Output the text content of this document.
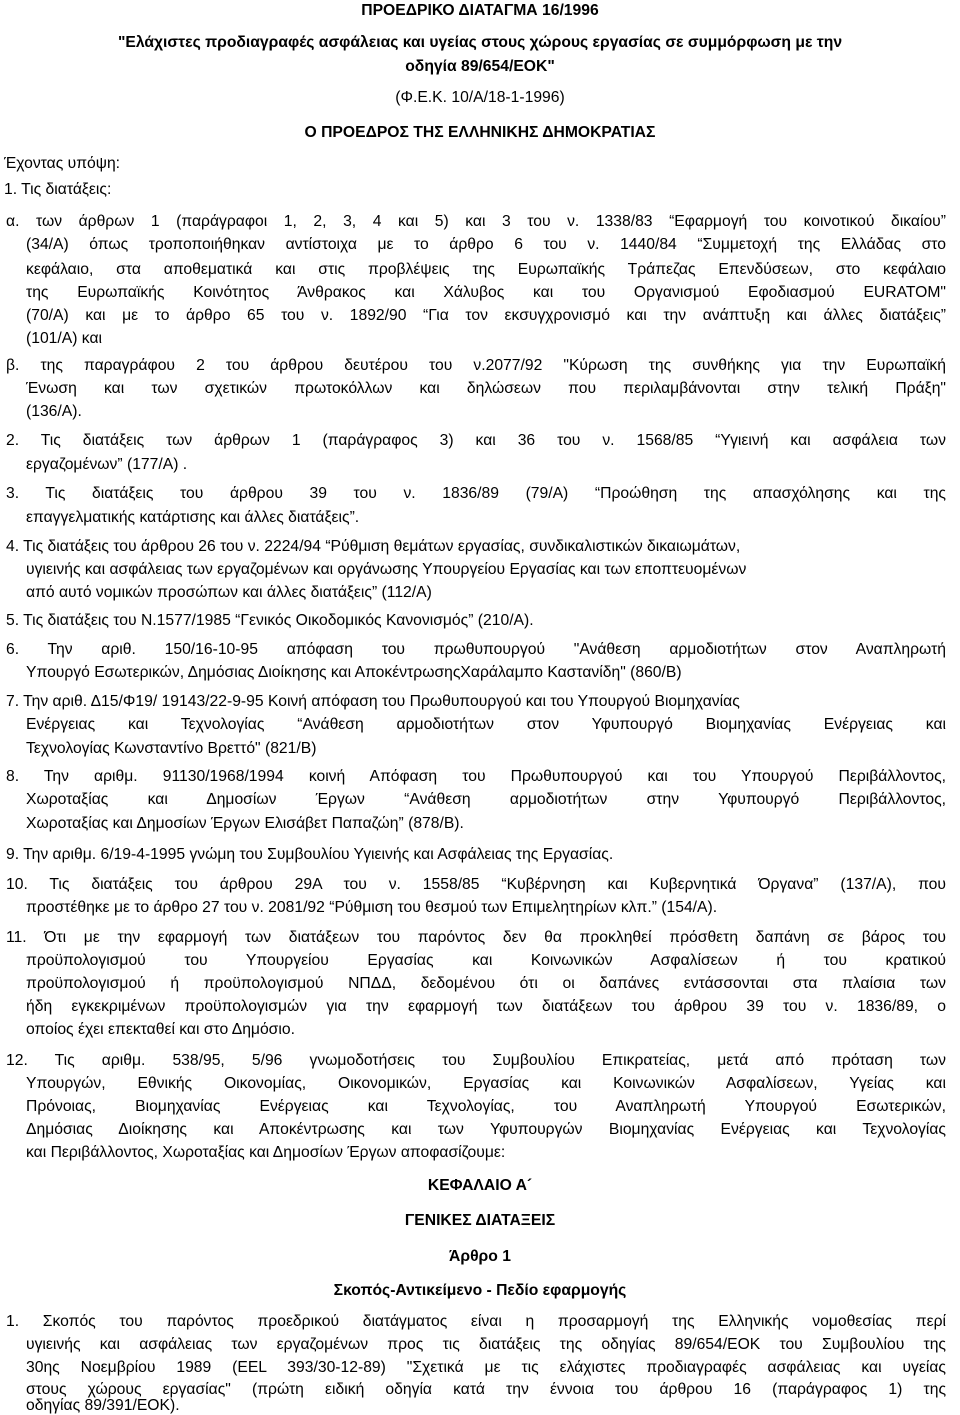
ΠΡΟΕΔΡΙΚΟ ΔΙΑΤΑΓΜΑ 16/1996
"Ελάχιστες προδιαγραφές ασφάλειας και υγείας στους χώρους εργασίας σε συμμόρφωση με την
οδηγία 89/654/ΕΟΚ"
(Φ.Ε.Κ. 10/Α/18-1-1996)
Ο ΠΡΟΕΔΡΟΣ ΤΗΣ ΕΛΛΗΝΙΚΗΣ ΔΗΜΟΚΡΑΤΙΑΣ
Έχοντας υπόψη:
1. Τις διατάξεις:
α. των άρθρων 1 (παράγραφοι 1, 2, 3, 4 και 5) και 3 του ν. 1338/83 “Εφαρμογή του κοινοτικού δικαίου”
(34/Α) όπως τροποποιήθηκαν αντίστοιχα με το άρθρο 6 του ν. 1440/84 “Συμμετοχή της Ελλάδας στο
κεφάλαιο, στα αποθεματικά και στις προβλέψεις της Ευρωπαϊκής Τράπεζας Επενδύσεων, στο κεφάλαιο
της Ευρωπαϊκής Κοινότητος Άνθρακος και Χάλυβος και του Οργανισμού Εφοδιασμού EURATOM"
(70/Α) και με το άρθρο 65 του ν. 1892/90 “Για τον εκσυγχρονισμό και την ανάπτυξη και άλλες διατάξεις”
(101/Α) και
β. της παραγράφου 2 του άρθρου δευτέρου του ν.2077/92 "Κύρωση της συνθήκης για την Ευρωπαϊκή
Ένωση και των σχετικών πρωτοκόλλων και δηλώσεων που περιλαμβάνονται στην τελική Πράξη"
(136/Α).
2. Τις διατάξεις των άρθρων 1 (παράγραφος 3) και 36 του ν. 1568/85 “Υγιεινή και ασφάλεια των
εργαζομένων” (177/Α) .
3. Τις διατάξεις του άρθρου 39 του ν. 1836/89 (79/Α) “Προώθηση της απασχόλησης και της
επαγγελματικής κατάρτισης και άλλες διατάξεις”.
4. Τις διατάξεις του άρθρου 26 του ν. 2224/94 “Ρύθμιση θεμάτων εργασίας, συνδικαλιστικών δικαιωμάτων,
υγιεινής και ασφάλειας των εργαζομένων και οργάνωσης Υπουργείου Εργασίας και των εποπτευομένων
από αυτό νομικών προσώπων και άλλες διατάξεις” (112/Α)
5. Τις διατάξεις του Ν.1577/1985 “Γενικός Οικοδομικός Κανονισμός” (210/Α).
6. Την αριθ. 150/16-10-95 απόφαση του πρωθυπουργού "Ανάθεση αρμοδιοτήτων στον Αναπληρωτή
Υπουργό Εσωτερικών, Δημόσιας Διοίκησης και ΑποκέντρωσηςΧαράλαμπο Καστανίδη" (860/Β)
7. Την αριθ. Δ15/Φ19/ 19143/22-9-95 Κοινή απόφαση του Πρωθυπουργού και του Υπουργού Βιομηχανίας
Ενέργειας και Τεχνολογίας “Ανάθεση αρμοδιοτήτων στον Υφυπουργό Βιομηχανίας Ενέργειας και
Τεχνολογίας Κωνσταντίνο Βρεττό" (821/Β)
8. Την αριθμ. 91130/1968/1994 κοινή Απόφαση του Πρωθυπουργού και του Υπουργού Περιβάλλοντος,
Χωροταξίας και Δημοσίων Έργων “Ανάθεση αρμοδιοτήτων στην Υφυπουργό Περιβάλλοντος,
Χωροταξίας και Δημοσίων Έργων Ελισάβετ Παπαζώη” (878/Β).
9. Την αριθμ. 6/19-4-1995 γνώμη του Συμβουλίου Υγιεινής και Ασφάλειας της Εργασίας.
10. Τις διατάξεις του άρθρου 29Α του ν. 1558/85 “Κυβέρνηση και Κυβερνητικά Όργανα” (137/Α), που
προστέθηκε με το άρθρο 27 του ν. 2081/92 “Ρύθμιση του θεσμού των Επιμελητηρίων κλπ.” (154/Α).
11. Ότι με την εφαρμογή των διατάξεων του παρόντος δεν θα προκληθεί πρόσθετη δαπάνη σε βάρος του
προϋπολογισμού του Υπουργείου Εργασίας και Κοινωνικών Ασφαλίσεων ή του κρατικού
προϋπολογισμού ή προϋπολογισμού ΝΠΔΔ, δεδομένου ότι οι δαπάνες εντάσσονται στα πλαίσια των
ήδη εγκεκριμένων προϋπολογισμών για την εφαρμογή των διατάξεων του άρθρου 39 του ν. 1836/89, ο
οποίος έχει επεκταθεί και στο Δημόσιο.
12. Τις αριθμ. 538/95, 5/96 γνωμοδοτήσεις του Συμβουλίου Επικρατείας, μετά από πρόταση των
Υπουργών, Εθνικής Οικονομίας, Οικονομικών, Εργασίας και Κοινωνικών Ασφαλίσεων, Υγείας και
Πρόνοιας, Βιομηχανίας Ενέργειας και Τεχνολογίας, του Αναπληρωτή Υπουργού Εσωτερικών,
Δημόσιας Διοίκησης και Αποκέντρωσης και των Υφυπουργών Βιομηχανίας Ενέργειας και Τεχνολογίας
και Περιβάλλοντος, Χωροταξίας και Δημοσίων Έργων αποφασίζουμε:
ΚΕΦΑΛΑΙΟ Α´
ΓΕΝΙΚΕΣ ΔΙΑΤΑΞΕΙΣ
Άρθρο 1
Σκοπός-Αντικείμενο - Πεδίο εφαρμογής
1. Σκοπός του παρόντος προεδρικού διατάγματος είναι η προσαρμογή της Ελληνικής νομοθεσίας περί
υγιεινής και ασφάλειας των εργαζομένων προς τις διατάξεις της οδηγίας 89/654/ΕΟΚ του Συμβουλίου της
30ης Νοεμβρίου 1989 (EEL 393/30-12-89) "Σχετικά με τις ελάχιστες προδιαγραφές ασφάλειας και υγείας
στους χώρους εργασίας" (πρώτη ειδική οδηγία κατά την έννοια του άρθρου 16 (παράγραφος 1) της
οδηγίας 89/391/ΕΟΚ).
